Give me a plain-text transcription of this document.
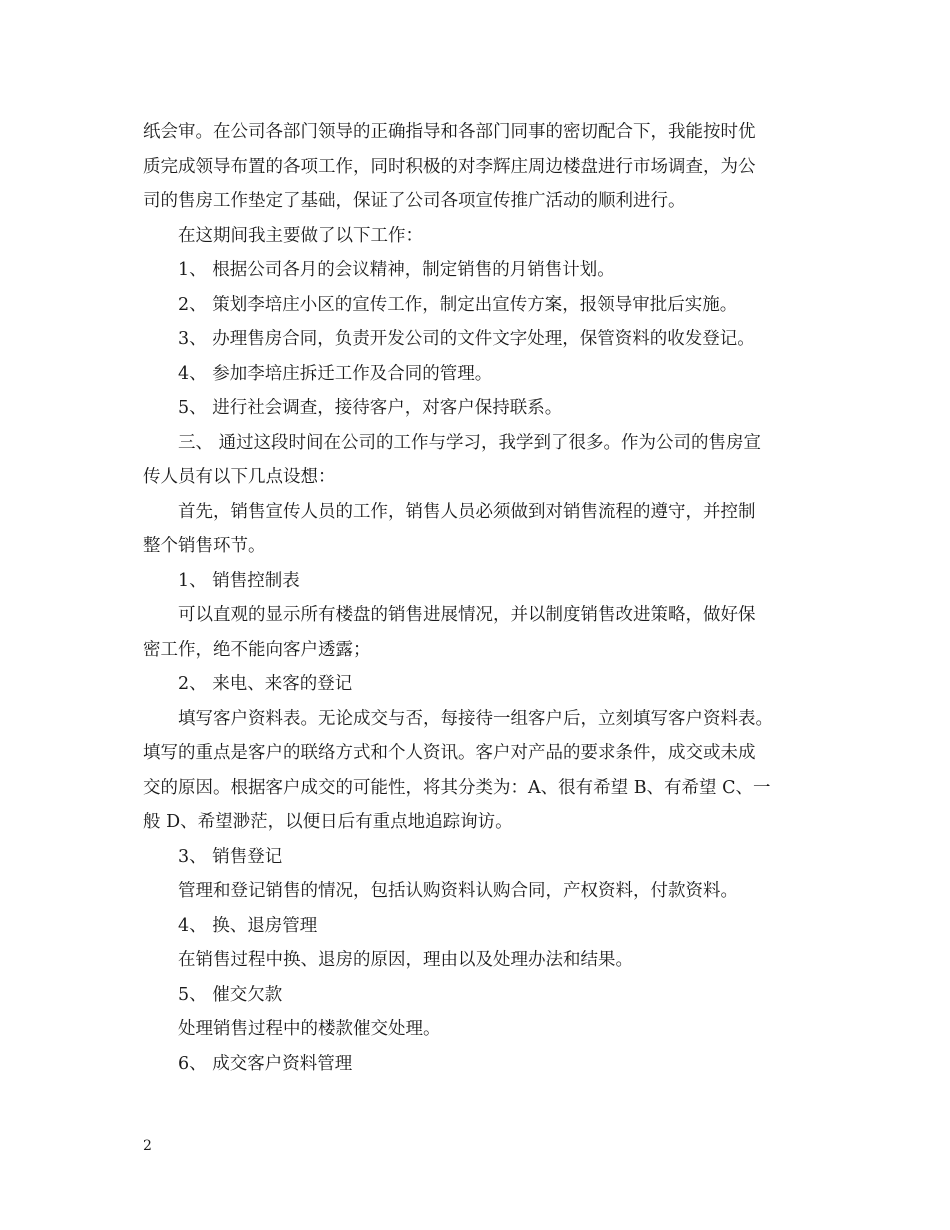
纸会审。在公司各部门领导的正确指导和各部门同事的密切配合下，我能按时优
质完成领导布置的各项工作，同时积极的对李辉庄周边楼盘进行市场调查，为公
司的售房工作垫定了基础，保证了公司各项宣传推广活动的顺利进行。
在这期间我主要做了以下工作：
1、 根据公司各月的会议精神，制定销售的月销售计划。
2、 策划李培庄小区的宣传工作，制定出宣传方案，报领导审批后实施。
3、 办理售房合同，负责开发公司的文件文字处理，保管资料的收发登记。
4、 参加李培庄拆迁工作及合同的管理。
5、 进行社会调查，接待客户，对客户保持联系。
三、 通过这段时间在公司的工作与学习，我学到了很多。作为公司的售房宣
传人员有以下几点设想：
首先，销售宣传人员的工作，销售人员必须做到对销售流程的遵守，并控制
整个销售环节。
1、 销售控制表
可以直观的显示所有楼盘的销售进展情况，并以制度销售改进策略，做好保
密工作，绝不能向客户透露；
2、 来电、来客的登记
填写客户资料表。无论成交与否，每接待一组客户后，立刻填写客户资料表。
填写的重点是客户的联络方式和个人资讯。客户对产品的要求条件，成交或未成
交的原因。根据客户成交的可能性，将其分类为：A、很有希望 B、有希望 C、一
般 D、希望渺茫，以便日后有重点地追踪询访。
3、 销售登记
管理和登记销售的情况，包括认购资料认购合同，产权资料，付款资料。
4、 换、退房管理
在销售过程中换、退房的原因，理由以及处理办法和结果。
5、 催交欠款
处理销售过程中的楼款催交处理。
6、 成交客户资料管理
2
